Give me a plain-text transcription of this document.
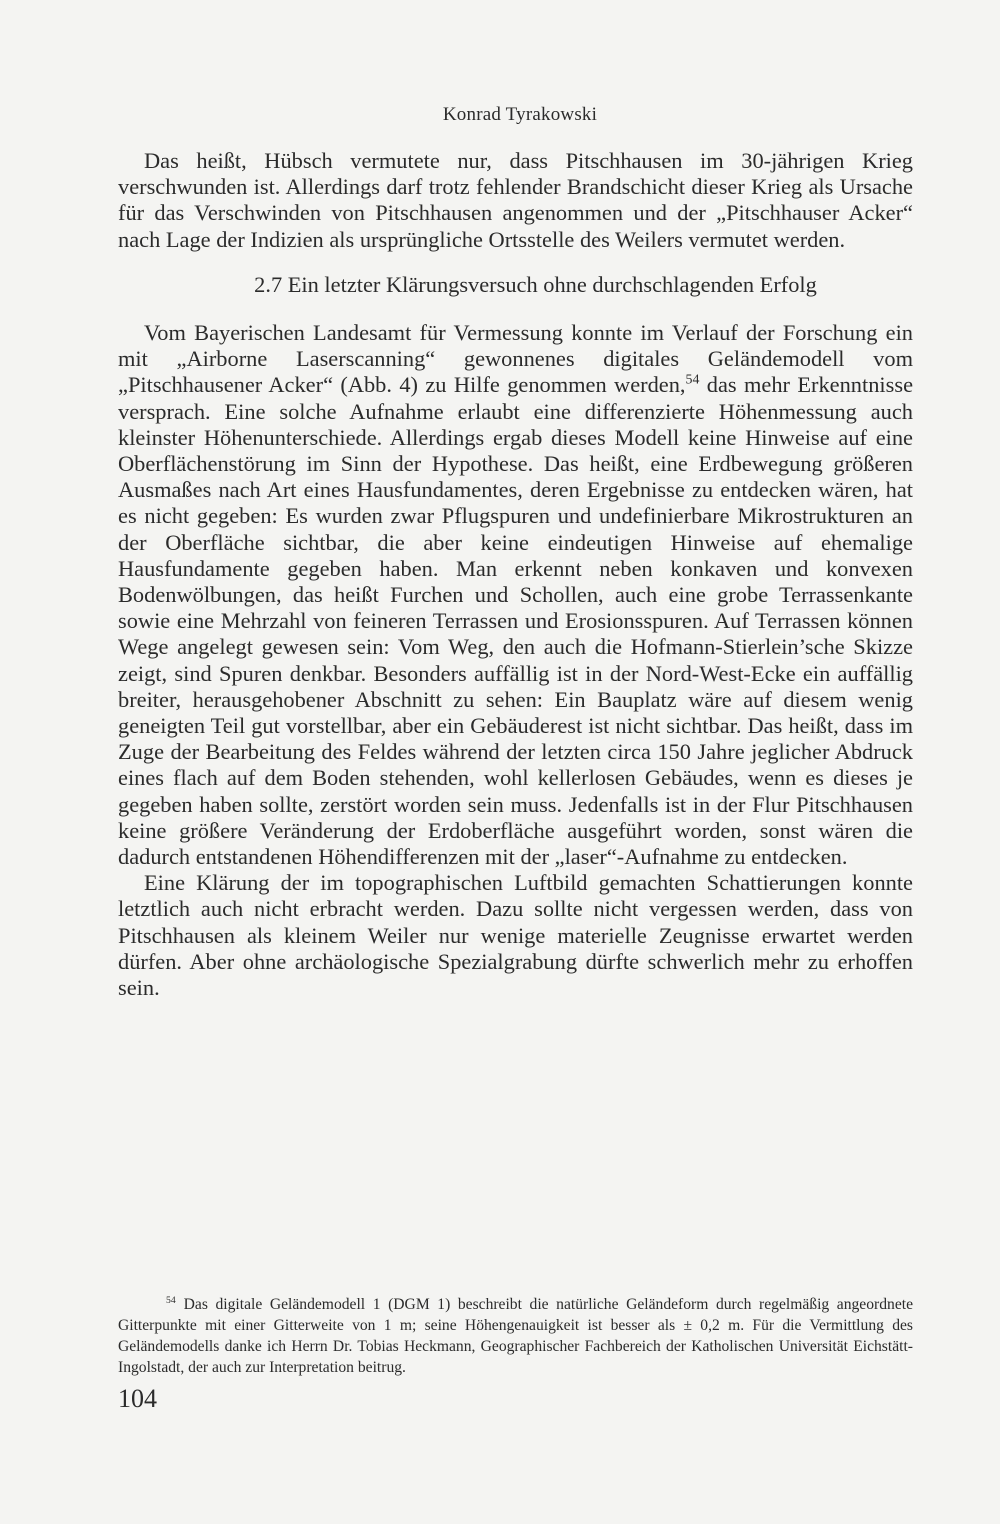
Konrad Tyrakowski

Das heißt, Hübsch vermutete nur, dass Pitschhausen im 30-jährigen Krieg verschwunden ist. Allerdings darf trotz fehlender Brandschicht dieser Krieg als Ursache für das Verschwinden von Pitschhausen angenommen und der „Pitschhauser Acker“ nach Lage der Indizien als ursprüngliche Ortsstelle des Weilers vermutet werden.

2.7 Ein letzter Klärungsversuch ohne durchschlagenden Erfolg

Vom Bayerischen Landesamt für Vermessung konnte im Verlauf der Forschung ein mit „Airborne Laserscanning“ gewonnenes digitales Geländemodell vom „Pitschhausener Acker“ (Abb. 4) zu Hilfe genommen werden,$^{54}$ das mehr Erkenntnisse versprach. Eine solche Aufnahme erlaubt eine differenzierte Höhenmessung auch kleinster Höhenunterschiede. Allerdings ergab dieses Modell keine Hinweise auf eine Oberflächenstörung im Sinn der Hypothese. Das heißt, eine Erdbewegung größeren Ausmaßes nach Art eines Hausfundamentes, deren Ergebnisse zu entdecken wären, hat es nicht gegeben: Es wurden zwar Pflugspuren und undefinierbare Mikrostrukturen an der Oberfläche sichtbar, die aber keine eindeutigen Hinweise auf ehemalige Hausfundamente gegeben haben. Man erkennt neben konkaven und konvexen Bodenwölbungen, das heißt Furchen und Schollen, auch eine grobe Terrassenkante sowie eine Mehrzahl von feineren Terrassen und Erosionsspuren. Auf Terrassen können Wege angelegt gewesen sein: Vom Weg, den auch die Hofmann-Stierlein’sche Skizze zeigt, sind Spuren denkbar. Besonders auffällig ist in der Nord-West-Ecke ein auffällig breiter, herausgehobener Abschnitt zu sehen: Ein Bauplatz wäre auf diesem wenig geneigten Teil gut vorstellbar, aber ein Gebäuderest ist nicht sichtbar. Das heißt, dass im Zuge der Bearbeitung des Feldes während der letzten circa 150 Jahre jeglicher Abdruck eines flach auf dem Boden stehenden, wohl kellerlosen Gebäudes, wenn es dieses je gegeben haben sollte, zerstört worden sein muss. Jedenfalls ist in der Flur Pitschhausen keine größere Veränderung der Erdoberfläche ausgeführt worden, sonst wären die dadurch entstandenen Höhendifferenzen mit der „laser“-Aufnahme zu entdecken.

Eine Klärung der im topographischen Luftbild gemachten Schattierungen konnte letztlich auch nicht erbracht werden. Dazu sollte nicht vergessen werden, dass von Pitschhausen als kleinem Weiler nur wenige materielle Zeugnisse erwartet werden dürfen. Aber ohne archäologische Spezialgrabung dürfte schwerlich mehr zu erhoffen sein.

$^{54}$ Das digitale Geländemodell 1 (DGM 1) beschreibt die natürliche Geländeform durch regelmäßig angeordnete Gitterpunkte mit einer Gitterweite von 1 m; seine Höhengenauigkeit ist besser als ± 0,2 m. Für die Vermittlung des Geländemodells danke ich Herrn Dr. Tobias Heckmann, Geographischer Fachbereich der Katholischen Universität Eichstätt-Ingolstadt, der auch zur Interpretation beitrug.

104
